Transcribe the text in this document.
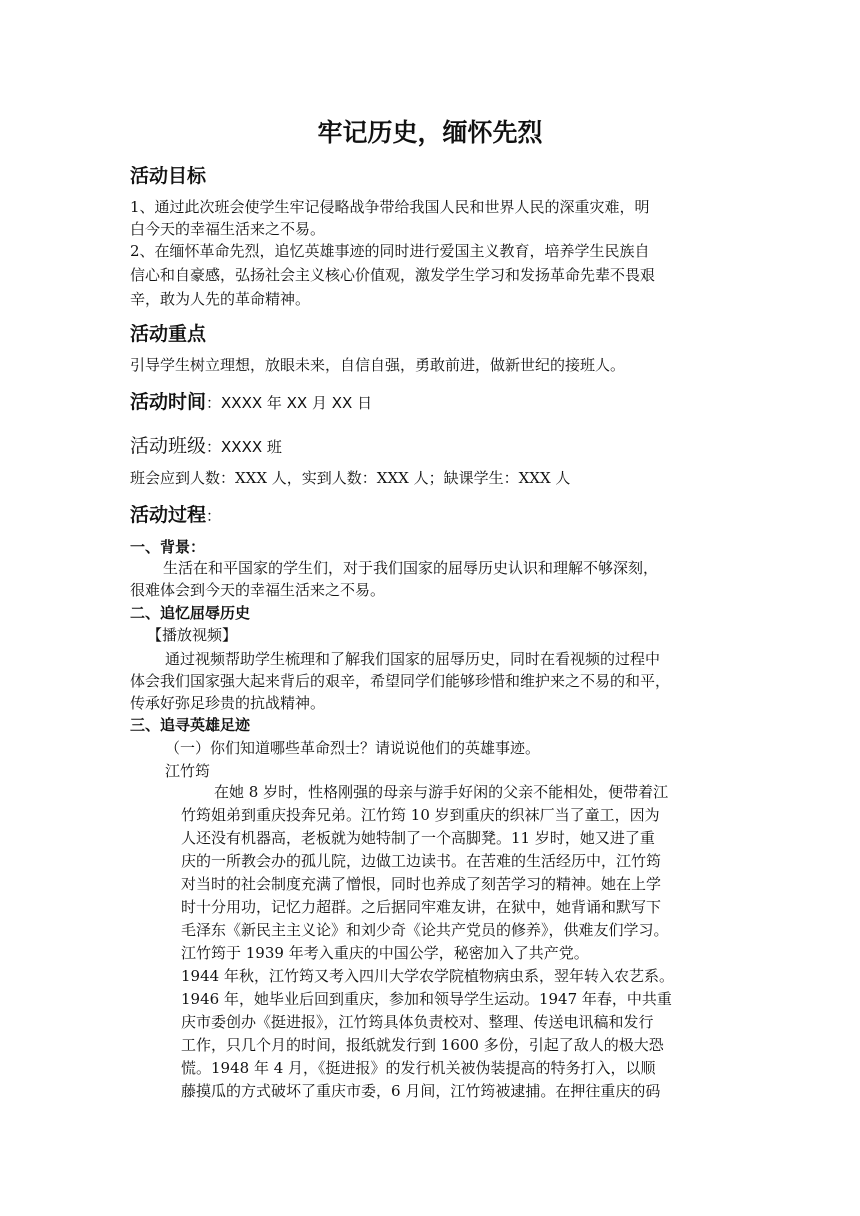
牢记历史，缅怀先烈
活动目标
1、通过此次班会使学生牢记侵略战争带给我国人民和世界人民的深重灾难，明
白今天的幸福生活来之不易。
2、在缅怀革命先烈，追忆英雄事迹的同时进行爱国主义教育，培养学生民族自
信心和自豪感，弘扬社会主义核心价值观，激发学生学习和发扬革命先辈不畏艰
辛，敢为人先的革命精神。
活动重点
引导学生树立理想，放眼未来，自信自强，勇敢前进，做新世纪的接班人。
活动时间：XXXX 年 XX 月 XX 日
活动班级：XXXX 班
班会应到人数：XXX 人，实到人数：XXX 人；缺课学生：XXX 人
活动过程：
一、背景：
生活在和平国家的学生们，对于我们国家的屈辱历史认识和理解不够深刻，
很难体会到今天的幸福生活来之不易。
二、追忆屈辱历史
【播放视频】
通过视频帮助学生梳理和了解我们国家的屈辱历史，同时在看视频的过程中
体会我们国家强大起来背后的艰辛，希望同学们能够珍惜和维护来之不易的和平，
传承好弥足珍贵的抗战精神。
三、追寻英雄足迹
（一）你们知道哪些革命烈士？请说说他们的英雄事迹。
江竹筠
在她 8 岁时，性格刚强的母亲与游手好闲的父亲不能相处，便带着江
竹筠姐弟到重庆投奔兄弟。江竹筠 10 岁到重庆的织袜厂当了童工，因为
人还没有机器高，老板就为她特制了一个高脚凳。11 岁时，她又进了重
庆的一所教会办的孤儿院，边做工边读书。在苦难的生活经历中，江竹筠
对当时的社会制度充满了憎恨，同时也养成了刻苦学习的精神。她在上学
时十分用功，记忆力超群。之后据同牢难友讲，在狱中，她背诵和默写下
毛泽东《新民主主义论》和刘少奇《论共产党员的修养》，供难友们学习。
江竹筠于 1939 年考入重庆的中国公学，秘密加入了共产党。
1944 年秋，江竹筠又考入四川大学农学院植物病虫系，翌年转入农艺系。
1946 年，她毕业后回到重庆，参加和领导学生运动。1947 年春，中共重
庆市委创办《挺进报》，江竹筠具体负责校对、整理、传送电讯稿和发行
工作，只几个月的时间，报纸就发行到 1600 多份，引起了敌人的极大恐
慌。1948 年 4 月，《挺进报》的发行机关被伪装提高的特务打入，以顺
藤摸瓜的方式破坏了重庆市委，6 月间，江竹筠被逮捕。在押往重庆的码
